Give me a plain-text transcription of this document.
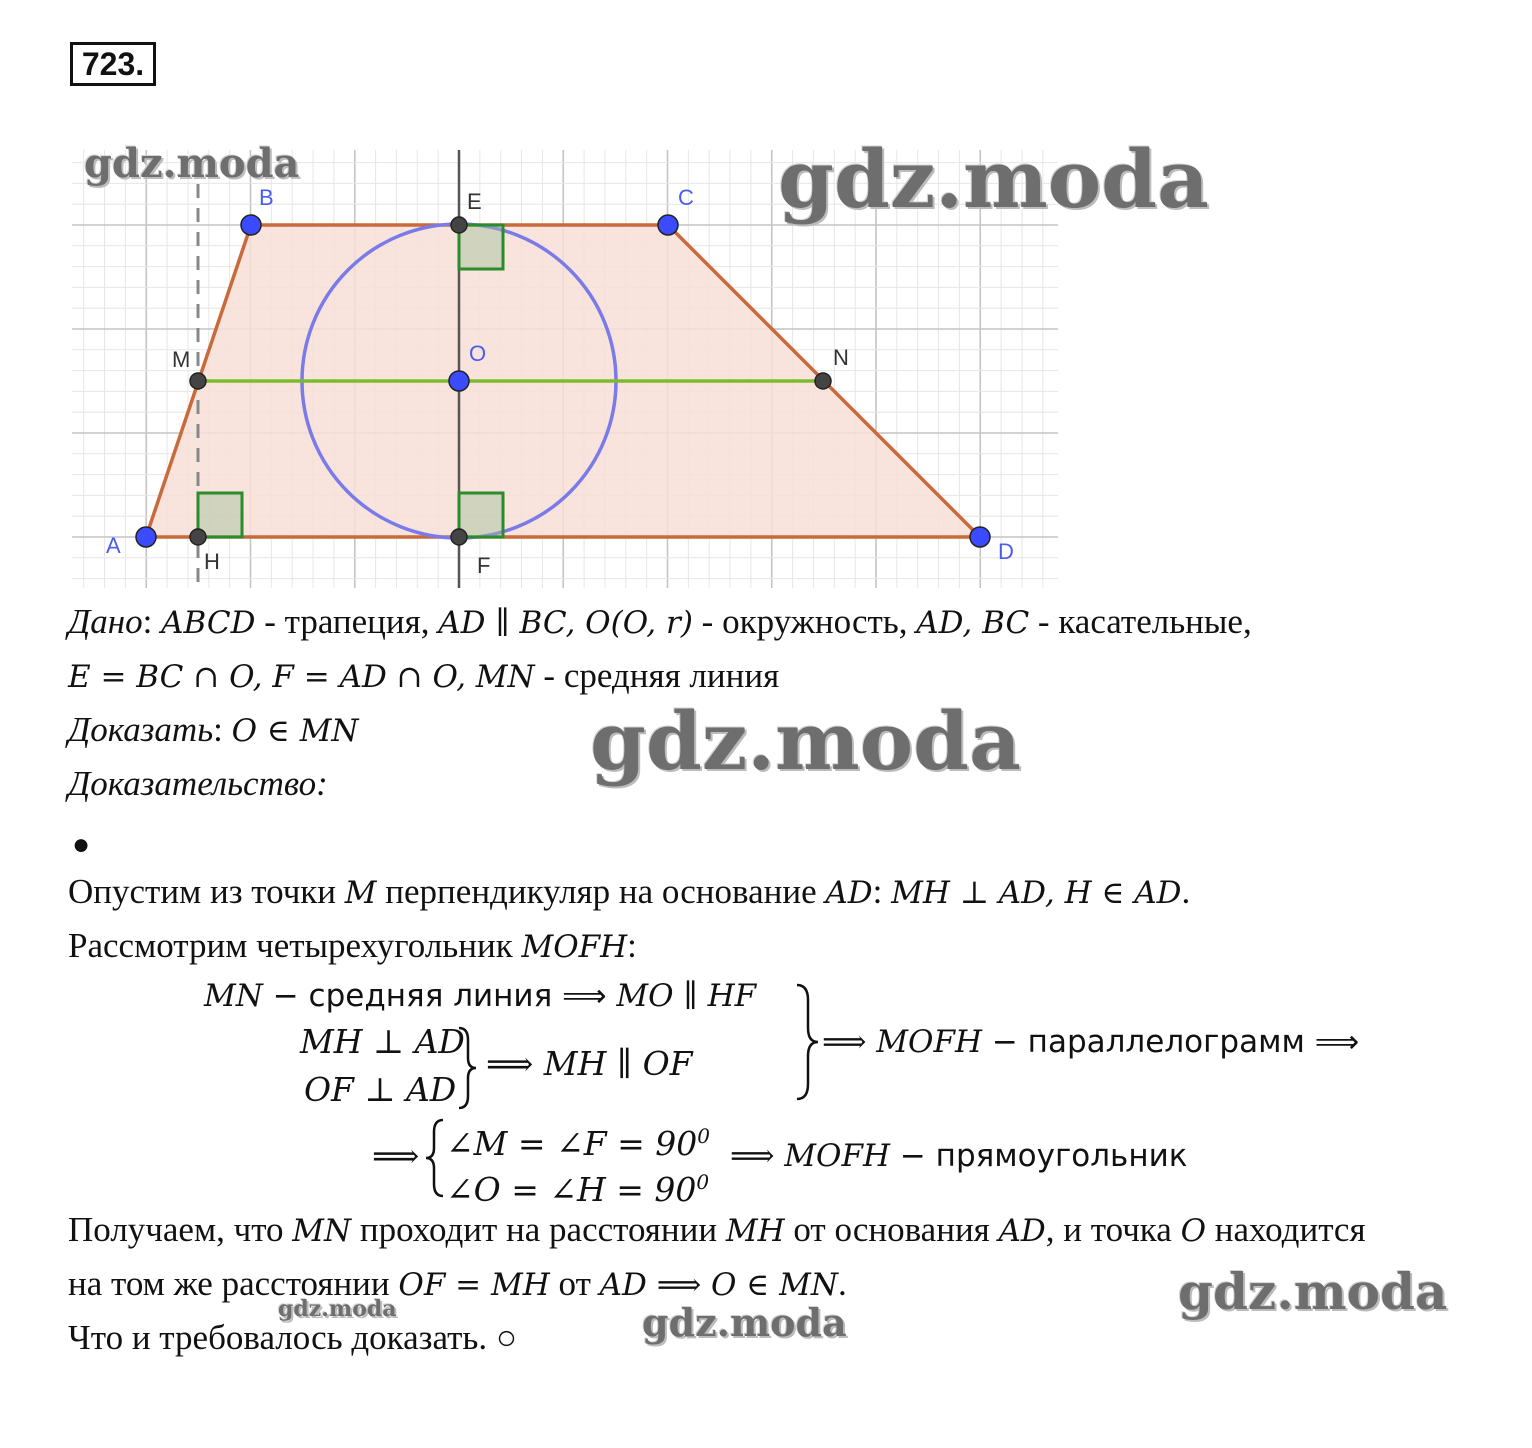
723.
A
B	C
D
E
F
M	N
O
H
gdz.moda	gdz.moda
gdz.moda
gdz.moda
gdz.moda
gdz.moda
Дано: ABCD - трапеция, AD ∥ BC, O(O, r) - окружность, AD, BC - касательные,
E = BC ∩ O, F = AD ∩ O, MN - средняя линия
Доказать: O ∈ MN
Доказательство:
●
Опустим из точки M перпендикуляр на основание AD: MH ⊥ AD, H ∈ AD.
Рассмотрим четырехугольник MOFH:
MN − средняя линия ⟹ MO ∥ HF
MH ⊥ AD
OF ⊥ AD
⟹ MH ∥ OF
⟹ MOFH − параллелограмм ⟹
⟹ ∠M = ∠F = $90^0$
∠O = ∠H = $90^0$
⟹ MOFH − прямоугольник
Получаем, что MN проходит на расстоянии MH от основания AD, и точка O находится
на том же расстоянии OF = MH от AD ⟹ O ∈ MN.
Что и требовалось доказать. ○
